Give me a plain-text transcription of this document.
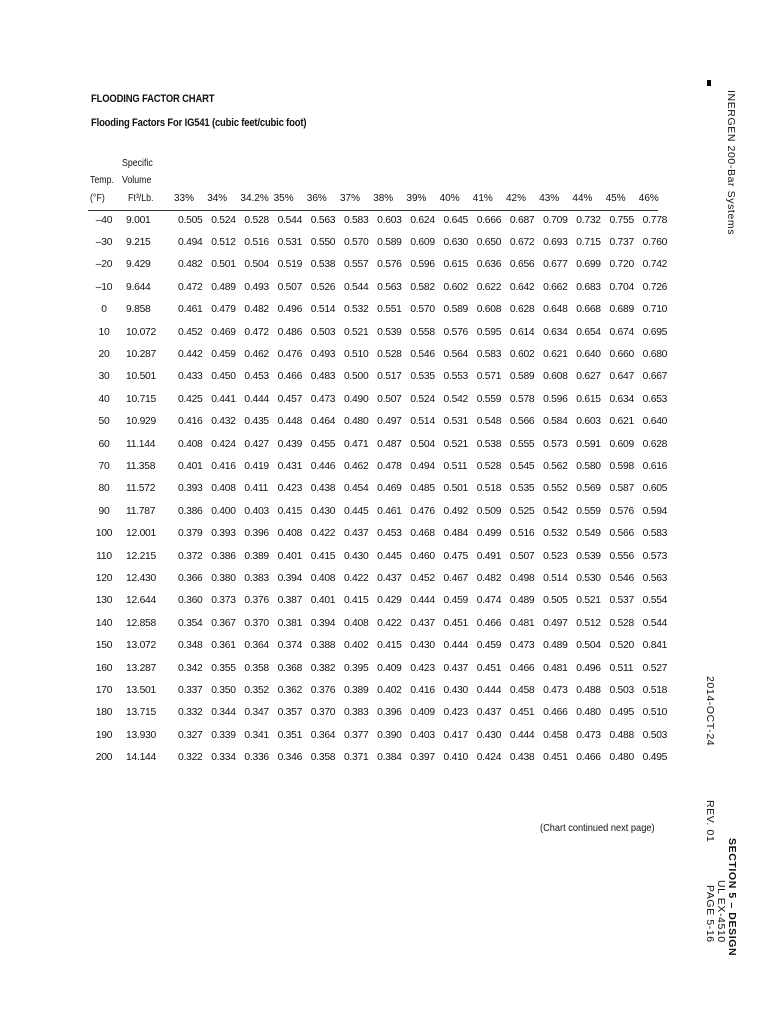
FLOODING FACTOR CHART
Flooding Factors For IG541 (cubic feet/cubic foot)
Specific
Temp. Volume
(°F) Ft³/Lb. 33% 34% 34.2% 35% 36% 37% 38% 39% 40% 41% 42% 43% 44% 45% 46%
–40	9.001	0.505	0.524	0.528	0.544	0.563	0.583	0.603	0.624	0.645	0.666	0.687	0.709	0.732	0.755	0.778
–30	9.215	0.494	0.512	0.516	0.531	0.550	0.570	0.589	0.609	0.630	0.650	0.672	0.693	0.715	0.737	0.760
–20	9.429	0.482	0.501	0.504	0.519	0.538	0.557	0.576	0.596	0.615	0.636	0.656	0.677	0.699	0.720	0.742
–10	9.644	0.472	0.489	0.493	0.507	0.526	0.544	0.563	0.582	0.602	0.622	0.642	0.662	0.683	0.704	0.726
0	9.858	0.461	0.479	0.482	0.496	0.514	0.532	0.551	0.570	0.589	0.608	0.628	0.648	0.668	0.689	0.710
10	10.072	0.452	0.469	0.472	0.486	0.503	0.521	0.539	0.558	0.576	0.595	0.614	0.634	0.654	0.674	0.695
20	10.287	0.442	0.459	0.462	0.476	0.493	0.510	0.528	0.546	0.564	0.583	0.602	0.621	0.640	0.660	0.680
30	10.501	0.433	0.450	0.453	0.466	0.483	0.500	0.517	0.535	0.553	0.571	0.589	0.608	0.627	0.647	0.667
40	10.715	0.425	0.441	0.444	0.457	0.473	0.490	0.507	0.524	0.542	0.559	0.578	0.596	0.615	0.634	0.653
50	10.929	0.416	0.432	0.435	0.448	0.464	0.480	0.497	0.514	0.531	0.548	0.566	0.584	0.603	0.621	0.640
60	11.144	0.408	0.424	0.427	0.439	0.455	0.471	0.487	0.504	0.521	0.538	0.555	0.573	0.591	0.609	0.628
70	11.358	0.401	0.416	0.419	0.431	0.446	0.462	0.478	0.494	0.511	0.528	0.545	0.562	0.580	0.598	0.616
80	11.572	0.393	0.408	0.411	0.423	0.438	0.454	0.469	0.485	0.501	0.518	0.535	0.552	0.569	0.587	0.605
90	11.787	0.386	0.400	0.403	0.415	0.430	0.445	0.461	0.476	0.492	0.509	0.525	0.542	0.559	0.576	0.594
100	12.001	0.379	0.393	0.396	0.408	0.422	0.437	0.453	0.468	0.484	0.499	0.516	0.532	0.549	0.566	0.583
110	12.215	0.372	0.386	0.389	0.401	0.415	0.430	0.445	0.460	0.475	0.491	0.507	0.523	0.539	0.556	0.573
120	12.430	0.366	0.380	0.383	0.394	0.408	0.422	0.437	0.452	0.467	0.482	0.498	0.514	0.530	0.546	0.563
130	12.644	0.360	0.373	0.376	0.387	0.401	0.415	0.429	0.444	0.459	0.474	0.489	0.505	0.521	0.537	0.554
140	12.858	0.354	0.367	0.370	0.381	0.394	0.408	0.422	0.437	0.451	0.466	0.481	0.497	0.512	0.528	0.544
150	13.072	0.348	0.361	0.364	0.374	0.388	0.402	0.415	0.430	0.444	0.459	0.473	0.489	0.504	0.520	0.841
160	13.287	0.342	0.355	0.358	0.368	0.382	0.395	0.409	0.423	0.437	0.451	0.466	0.481	0.496	0.511	0.527
170	13.501	0.337	0.350	0.352	0.362	0.376	0.389	0.402	0.416	0.430	0.444	0.458	0.473	0.488	0.503	0.518
180	13.715	0.332	0.344	0.347	0.357	0.370	0.383	0.396	0.409	0.423	0.437	0.451	0.466	0.480	0.495	0.510
190	13.930	0.327	0.339	0.341	0.351	0.364	0.377	0.390	0.403	0.417	0.430	0.444	0.458	0.473	0.488	0.503
200	14.144	0.322	0.334	0.336	0.346	0.358	0.371	0.384	0.397	0.410	0.424	0.438	0.451	0.466	0.480	0.495
(Chart continued next page)
INERGEN 200-Bar Systems
2014-OCT-24
REV. 01
SECTION 5 – DESIGN
UL EX-4510
PAGE 5-16
